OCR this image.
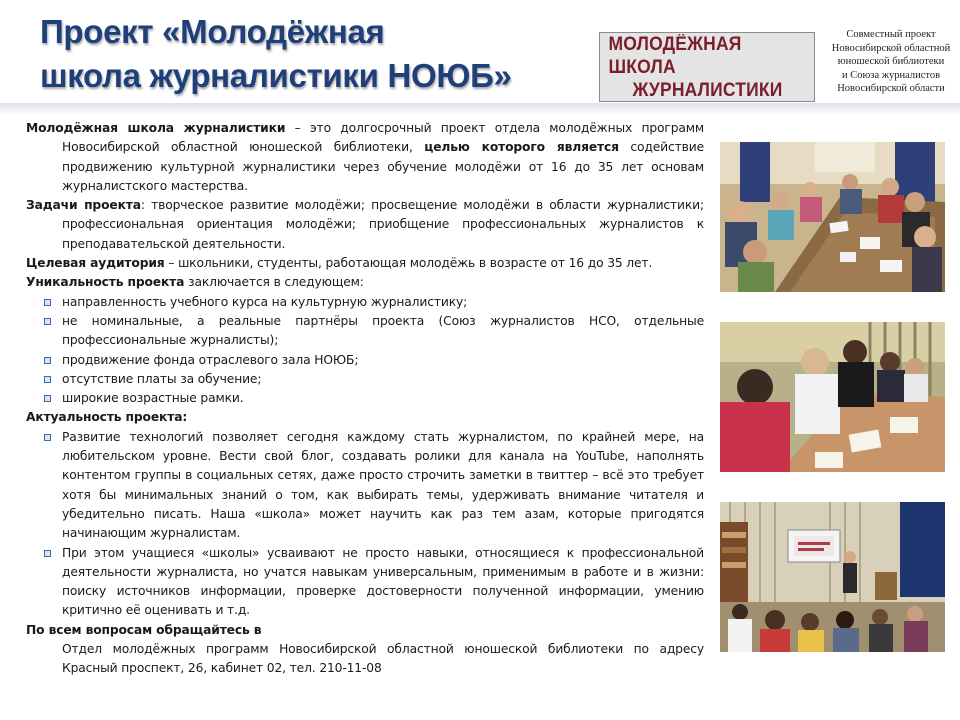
Проект «Молодёжная
школа журналистики НОЮБ»
МОЛОДЁЖНАЯ ШКОЛА
ЖУРНАЛИСТИКИ
Совместный проект
Новосибирской областной
юношеской библиотеки
и Союза журналистов
Новосибирской области

Молодёжная школа журналистики – это долгосрочный проект отдела молодёжных программ Новосибирской областной юношеской библиотеки, целью которого является содействие продвижению культурной журналистики через обучение молодёжи от 16 до 35 лет основам журналистского мастерства.

Задачи проекта: творческое развитие молодёжи; просвещение молодёжи в области журналистики; профессиональная ориентация молодёжи; приобщение профессиональных журналистов к преподавательской деятельности.

Целевая аудитория – школьники, студенты, работающая молодёжь в возрасте от 16 до 35 лет.

Уникальность проекта заключается в следующем:

направленность учебного курса на культурную журналистику;

не номинальные, а реальные партнёры проекта (Союз журналистов НСО, отдельные профессиональные журналисты);

продвижение фонда отраслевого зала НОЮБ;

отсутствие платы за обучение;

широкие возрастные рамки.

Актуальность проекта:

Развитие технологий позволяет сегодня каждому стать журналистом, по крайней мере, на любительском уровне. Вести свой блог, создавать ролики для канала на YouTube, наполнять контентом группы в социальных сетях, даже просто строчить заметки в твиттер – всё это требует хотя бы минимальных знаний о том, как выбирать темы, удерживать внимание читателя и убедительно писать. Наша «школа» может научить как раз тем азам, которые пригодятся начинающим журналистам.

При этом учащиеся «школы» усваивают не просто навыки, относящиеся к профессиональной деятельности журналиста, но учатся навыкам универсальным, применимым в работе и в жизни: поиску источников информации, проверке достоверности полученной информации, умению критично её оценивать и т.д.

По всем вопросам обращайтесь в

Отдел молодёжных программ Новосибирской областной юношеской библиотеки по адресу Красный проспект, 26, кабинет 02, тел. 210-11-08
